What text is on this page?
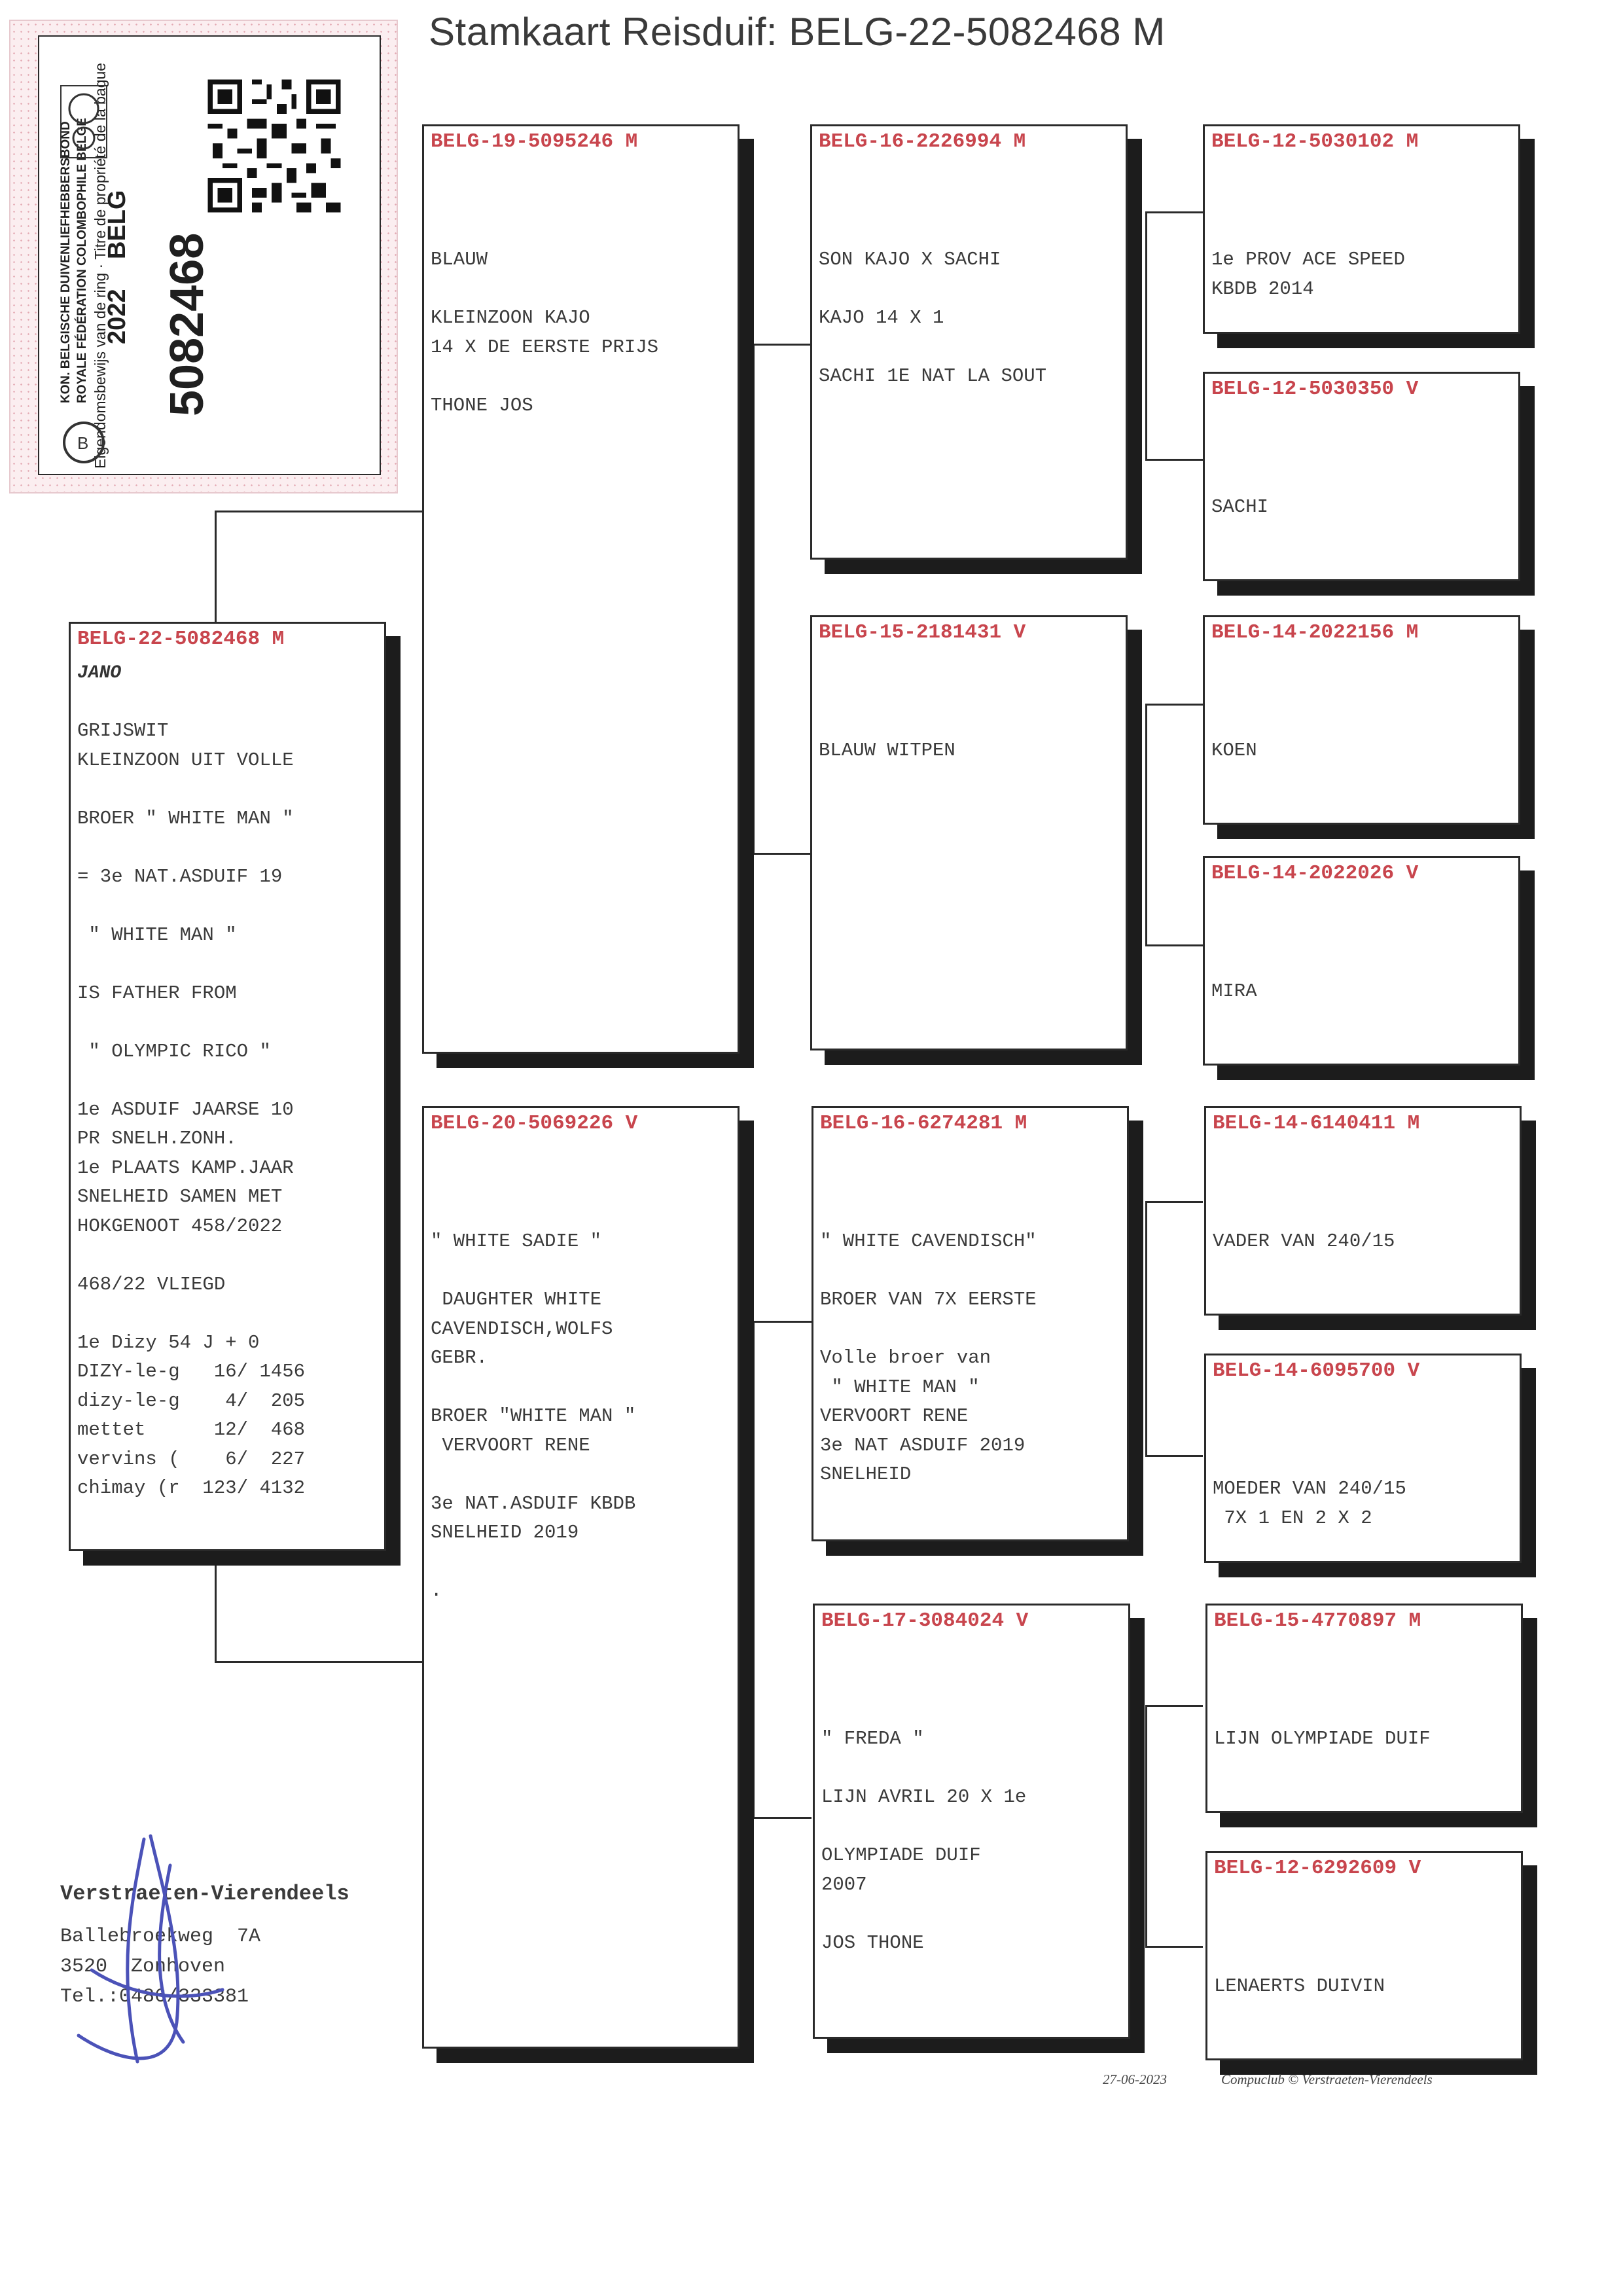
Stamkaart Reisduif: BELG-22-5082468 M
KON. BELGISCHE DUIVENLIEFHEBBERSBOND ROYALE FÉDÉRATION COLOMBOPHILE BELGE Eigendomsbewijs van de ring · Titre de propriété de la bague
2022
BELG
5082468
B
BELG-22-5082468 M
JANO
GRIJSWIT
KLEINZOON UIT VOLLE

BROER " WHITE MAN "

= 3e NAT.ASDUIF 19

" WHITE MAN "

IS FATHER FROM

" OLYMPIC RICO "

1e ASDUIF JAARSE 10
PR SNELH.ZONH.
1e PLAATS KAMP.JAAR
SNELHEID SAMEN MET
HOKGENOOT 458/2022

468/22 VLIEGD

1e Dizy 54 J + 0
DIZY-le-g   16/ 1456
dizy-le-g    4/  205
mettet      12/  468
vervins (    6/  227
chimay (r  123/ 4132
BELG-19-5095246 M
BLAUW

KLEINZOON KAJO
14 X DE EERSTE PRIJS

THONE JOS
BELG-20-5069226 V
" WHITE SADIE "

DAUGHTER WHITE
CAVENDISCH,WOLFS
GEBR.

BROER "WHITE MAN "
VERVOORT RENE

3e NAT.ASDUIF KBDB
SNELHEID 2019

.
BELG-16-2226994 M
SON KAJO X SACHI

KAJO 14 X 1

SACHI 1E NAT LA SOUT
BELG-15-2181431 V
BLAUW WITPEN
BELG-16-6274281 M
" WHITE CAVENDISCH"

BROER VAN 7X EERSTE

Volle broer van
" WHITE MAN "
VERVOORT RENE
3e NAT ASDUIF 2019
SNELHEID
BELG-17-3084024 V
" FREDA "

LIJN AVRIL 20 X 1e

OLYMPIADE DUIF
2007

JOS THONE
BELG-12-5030102 M
1e PROV ACE SPEED
KBDB 2014
BELG-12-5030350 V
SACHI
BELG-14-2022156 M
KOEN
BELG-14-2022026 V
MIRA
BELG-14-6140411 M
VADER VAN 240/15
BELG-14-6095700 V
MOEDER VAN 240/15
7X 1 EN 2 X 2
BELG-15-4770897 M
LIJN OLYMPIADE DUIF
BELG-12-6292609 V
LENAERTS DUIVIN
Verstraeten-Vierendeels
Ballebroekweg  7A
3520  Zonhoven
Tel.:0486/333381
27-06-2023	Compuclub © Verstraeten-Vierendeels
